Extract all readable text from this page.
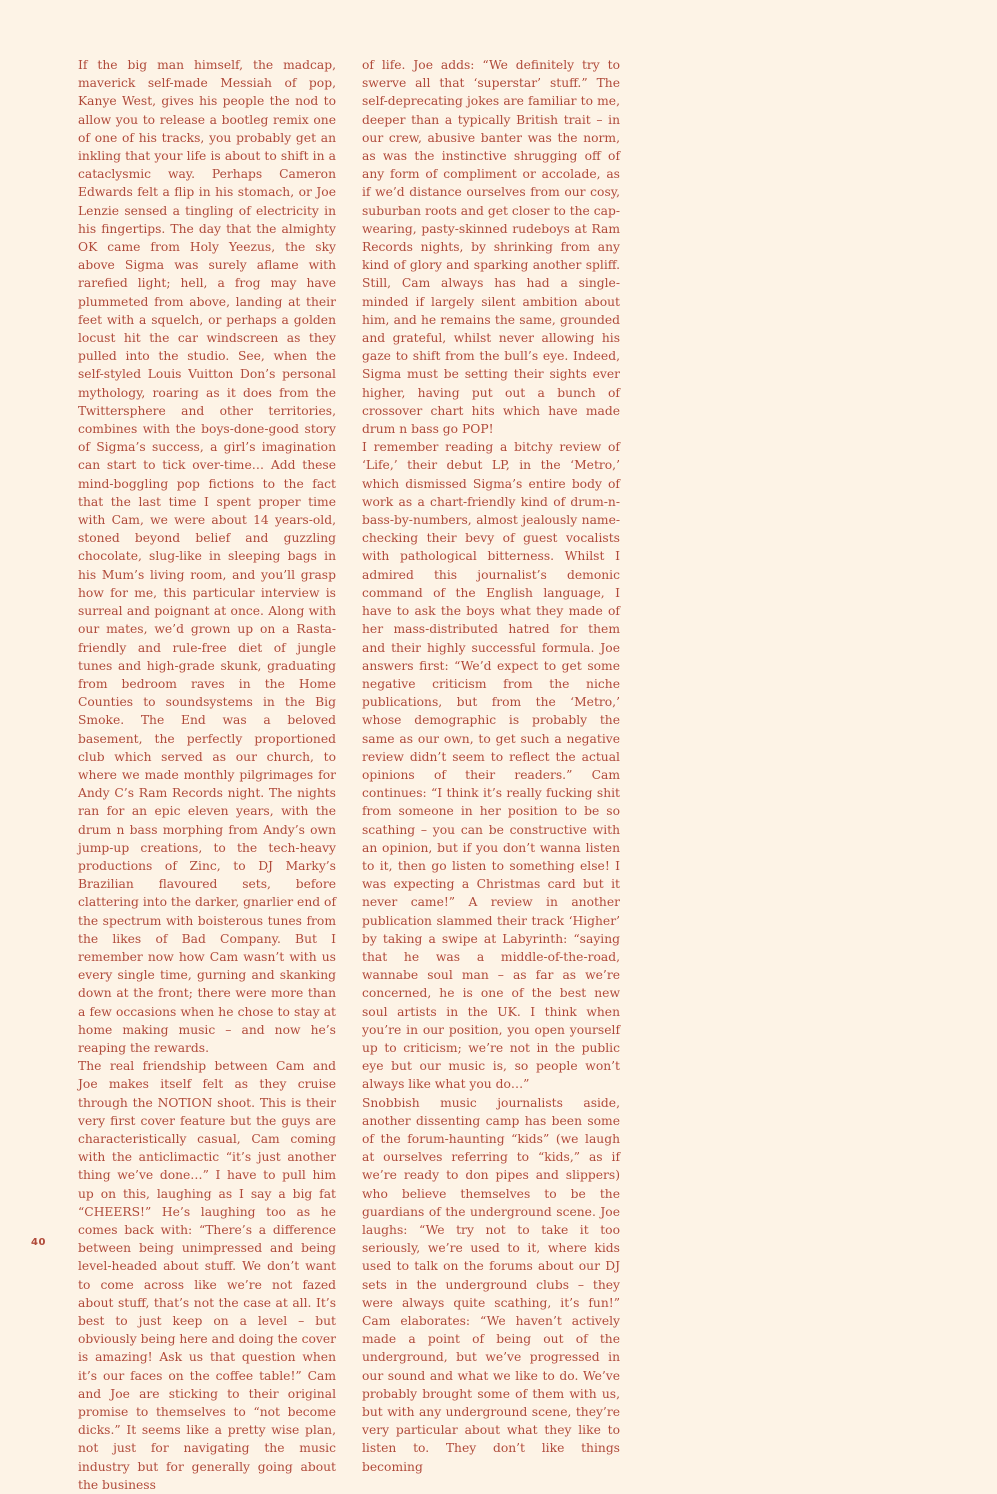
If the big man himself, the madcap, maverick self-made Messiah of pop, Kanye West, gives his people the nod to allow you to release a bootleg remix one of one of his tracks, you probably get an inkling that your life is about to shift in a cataclysmic way. Perhaps Cameron Edwards felt a flip in his stomach, or Joe Lenzie sensed a tingling of electricity in his fingertips. The day that the almighty OK came from Holy Yeezus, the sky above Sigma was surely aflame with rarefied light; hell, a frog may have plummeted from above, landing at their feet with a squelch, or perhaps a golden locust hit the car windscreen as they pulled into the studio. See, when the self-styled Louis Vuitton Don’s personal mythology, roaring as it does from the Twittersphere and other territories, combines with the boys-done-good story of Sigma’s success, a girl’s imagination can start to tick over-time… Add these mind-boggling pop fictions to the fact that the last time I spent proper time with Cam, we were about 14 years-old, stoned beyond belief and guzzling chocolate, slug-like in sleeping bags in his Mum’s living room, and you’ll grasp how for me, this particular interview is surreal and poignant at once. Along with our mates, we’d grown up on a Rasta-friendly and rule-free diet of jungle tunes and high-grade skunk, graduating from bedroom raves in the Home Counties to soundsystems in the Big Smoke. The End was a beloved basement, the perfectly proportioned club which served as our church, to where we made monthly pilgrimages for Andy C’s Ram Records night. The nights ran for an epic eleven years, with the drum n bass morphing from Andy’s own jump-up creations, to the tech-heavy productions of Zinc, to DJ Marky’s Brazilian flavoured sets, before clattering into the darker, gnarlier end of the spectrum with boisterous tunes from the likes of Bad Company. But I remember now how Cam wasn’t with us every single time, gurning and skanking down at the front; there were more than a few occasions when he chose to stay at home making music – and now he’s reaping the rewards.

The real friendship between Cam and Joe makes itself felt as they cruise through the NOTION shoot. This is their very first cover feature but the guys are characteristically casual, Cam coming with the anticlimactic “it’s just another thing we’ve done…” I have to pull him up on this, laughing as I say a big fat “CHEERS!” He’s laughing too as he comes back with: “There’s a difference between being unimpressed and being level-headed about stuff. We don’t want to come across like we’re not fazed about stuff, that’s not the case at all. It’s best to just keep on a level – but obviously being here and doing the cover is amazing! Ask us that question when it’s our faces on the coffee table!” Cam and Joe are sticking to their original promise to themselves to “not become dicks.” It seems like a pretty wise plan, not just for navigating the music industry but for generally going about the business

of life. Joe adds: “We definitely try to swerve all that ‘superstar’ stuff.” The self-deprecating jokes are familiar to me, deeper than a typically British trait – in our crew, abusive banter was the norm, as was the instinctive shrugging off of any form of compliment or accolade, as if we’d distance ourselves from our cosy, suburban roots and get closer to the cap-wearing, pasty-skinned rudeboys at Ram Records nights, by shrinking from any kind of glory and sparking another spliff. Still, Cam always has had a single-minded if largely silent ambition about him, and he remains the same, grounded and grateful, whilst never allowing his gaze to shift from the bull’s eye. Indeed, Sigma must be setting their sights ever higher, having put out a bunch of crossover chart hits which have made drum n bass go POP!

I remember reading a bitchy review of ‘Life,’ their debut LP, in the ‘Metro,’ which dismissed Sigma’s entire body of work as a chart-friendly kind of drum-n-bass-by-numbers, almost jealously name-checking their bevy of guest vocalists with pathological bitterness. Whilst I admired this journalist’s demonic command of the English language, I have to ask the boys what they made of her mass-distributed hatred for them and their highly successful formula. Joe answers first: “We’d expect to get some negative criticism from the niche publications, but from the ‘Metro,’ whose demographic is probably the same as our own, to get such a negative review didn’t seem to reflect the actual opinions of their readers.” Cam continues: “I think it’s really fucking shit from someone in her position to be so scathing – you can be constructive with an opinion, but if you don’t wanna listen to it, then go listen to something else! I was expecting a Christmas card but it never came!” A review in another publication slammed their track ‘Higher’ by taking a swipe at Labyrinth: “saying that he was a middle-of-the-road, wannabe soul man – as far as we’re concerned, he is one of the best new soul artists in the UK. I think when you’re in our position, you open yourself up to criticism; we’re not in the public eye but our music is, so people won’t always like what you do…”

Snobbish music journalists aside, another dissenting camp has been some of the forum-haunting “kids” (we laugh at ourselves referring to “kids,” as if we’re ready to don pipes and slippers) who believe themselves to be the guardians of the underground scene. Joe laughs: “We try not to take it too seriously, we’re used to it, where kids used to talk on the forums about our DJ sets in the underground clubs – they were always quite scathing, it’s fun!” Cam elaborates: “We haven’t actively made a point of being out of the underground, but we’ve progressed in our sound and what we like to do. We’ve probably brought some of them with us, but with any underground scene, they’re very particular about what they like to listen to. They don’t like things becoming

40
